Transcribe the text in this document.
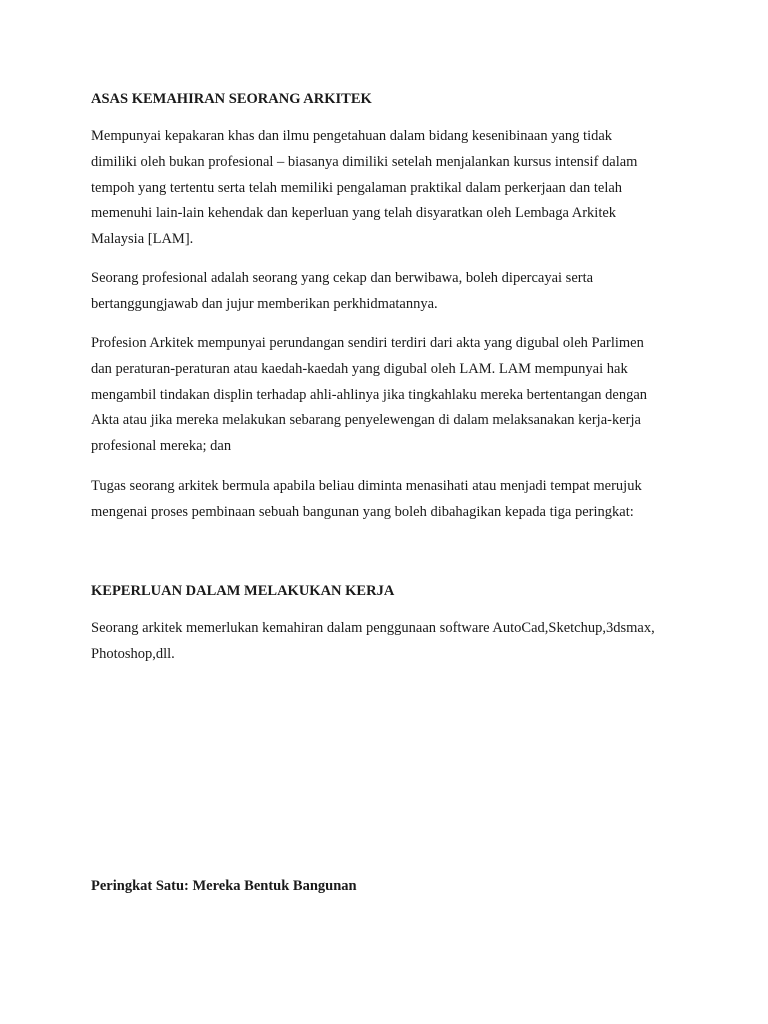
ASAS KEMAHIRAN SEORANG ARKITEK

Mempunyai kepakaran khas dan ilmu pengetahuan dalam bidang kesenibinaan yang tidak
dimiliki oleh bukan profesional – biasanya dimiliki setelah menjalankan kursus intensif dalam
tempoh yang tertentu serta telah memiliki pengalaman praktikal dalam perkerjaan dan telah
memenuhi lain-lain kehendak dan keperluan yang telah disyaratkan oleh Lembaga Arkitek
Malaysia [LAM].

Seorang profesional adalah seorang yang cekap dan berwibawa, boleh dipercayai serta
bertanggungjawab dan jujur memberikan perkhidmatannya.

Profesion Arkitek mempunyai perundangan sendiri terdiri dari akta yang digubal oleh Parlimen
dan peraturan-peraturan atau kaedah-kaedah yang digubal oleh LAM. LAM mempunyai hak
mengambil tindakan displin terhadap ahli-ahlinya jika tingkahlaku mereka bertentangan dengan
Akta atau jika mereka melakukan sebarang penyelewengan di dalam melaksanakan kerja-kerja
profesional mereka; dan

Tugas seorang arkitek bermula apabila beliau diminta menasihati atau menjadi tempat merujuk
mengenai proses pembinaan sebuah bangunan yang boleh dibahagikan kepada tiga peringkat:

KEPERLUAN DALAM MELAKUKAN KERJA

Seorang arkitek memerlukan kemahiran dalam penggunaan software AutoCad,Sketchup,3dsmax,
Photoshop,dll.

Peringkat Satu: Mereka Bentuk Bangunan
